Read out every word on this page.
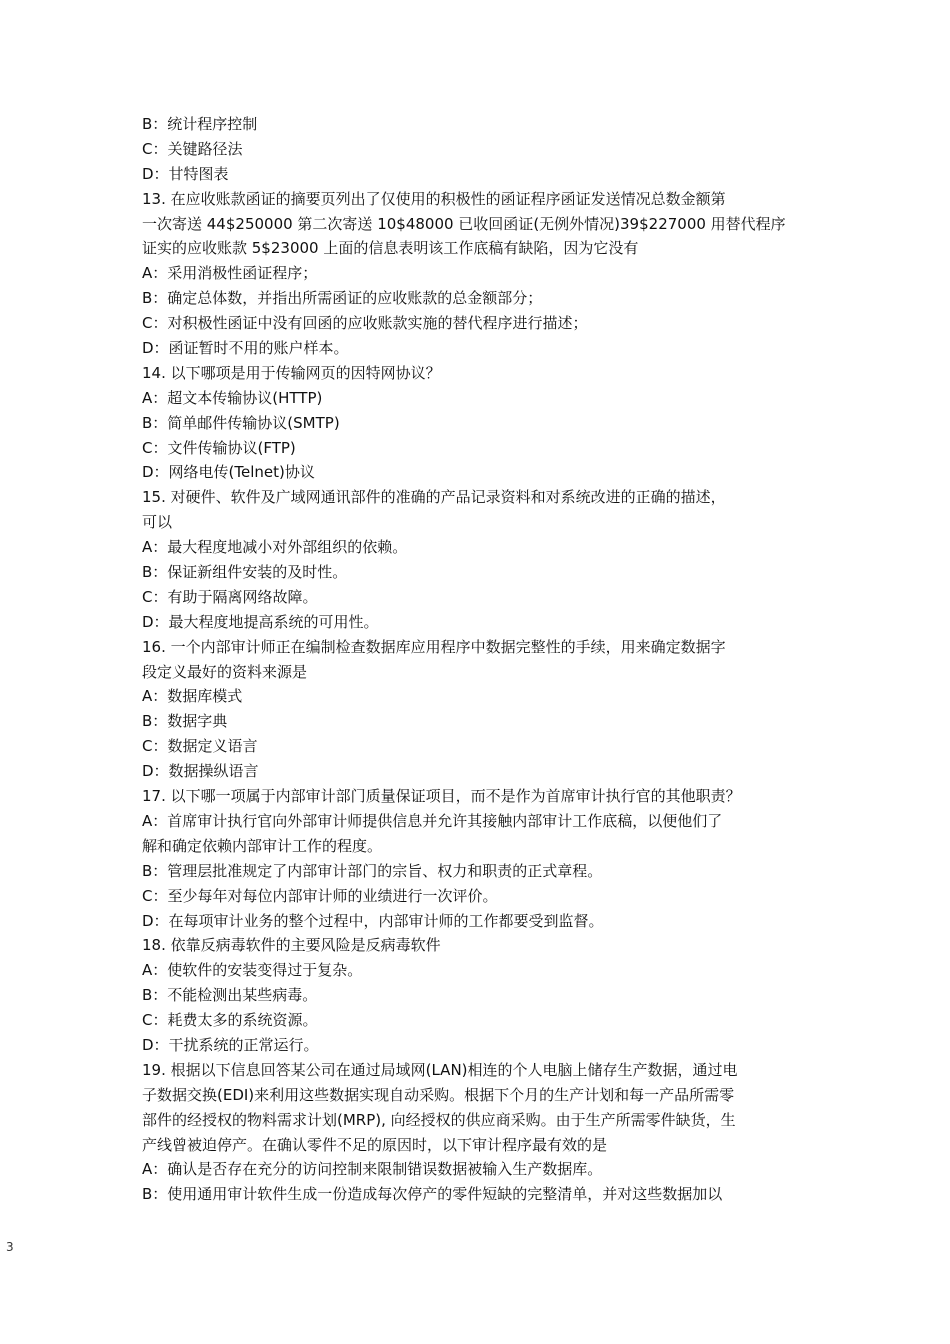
B：统计程序控制

C：关键路径法

D：甘特图表

13. 在应收账款函证的摘要页列出了仅使用的积极性的函证程序函证发送情况总数金额第

一次寄送 44$250000 第二次寄送 10$48000 已收回函证(无例外情况)39$227000 用替代程序

证实的应收账款 5$23000 上面的信息表明该工作底稿有缺陷，因为它没有

A：采用消极性函证程序；

B：确定总体数，并指出所需函证的应收账款的总金额部分；

C：对积极性函证中没有回函的应收账款实施的替代程序进行描述；

D：函证暂时不用的账户样本。

14. 以下哪项是用于传输网页的因特网协议？

A：超文本传输协议(HTTP)

B：简单邮件传输协议(SMTP)

C：文件传输协议(FTP)

D：网络电传(Telnet)协议

15. 对硬件、软件及广域网通讯部件的准确的产品记录资料和对系统改进的正确的描述，

可以

A：最大程度地减小对外部组织的依赖。

B：保证新组件安装的及时性。

C：有助于隔离网络故障。

D：最大程度地提高系统的可用性。

16. 一个内部审计师正在编制检查数据库应用程序中数据完整性的手续，用来确定数据字

段定义最好的资料来源是

A：数据库模式

B：数据字典

C：数据定义语言

D：数据操纵语言

17. 以下哪一项属于内部审计部门质量保证项目，而不是作为首席审计执行官的其他职责？

A：首席审计执行官向外部审计师提供信息并允许其接触内部审计工作底稿，以便他们了

解和确定依赖内部审计工作的程度。

B：管理层批准规定了内部审计部门的宗旨、权力和职责的正式章程。

C：至少每年对每位内部审计师的业绩进行一次评价。

D：在每项审计业务的整个过程中，内部审计师的工作都要受到监督。

18. 依靠反病毒软件的主要风险是反病毒软件

A：使软件的安装变得过于复杂。

B：不能检测出某些病毒。

C：耗费太多的系统资源。

D：干扰系统的正常运行。

19. 根据以下信息回答某公司在通过局域网(LAN)相连的个人电脑上储存生产数据，通过电

子数据交换(EDI)来利用这些数据实现自动采购。根据下个月的生产计划和每一产品所需零

部件的经授权的物料需求计划(MRP), 向经授权的供应商采购。由于生产所需零件缺货，生

产线曾被迫停产。在确认零件不足的原因时，以下审计程序最有效的是

A：确认是否存在充分的访问控制来限制错误数据被输入生产数据库。

B：使用通用审计软件生成一份造成每次停产的零件短缺的完整清单，并对这些数据加以

3
